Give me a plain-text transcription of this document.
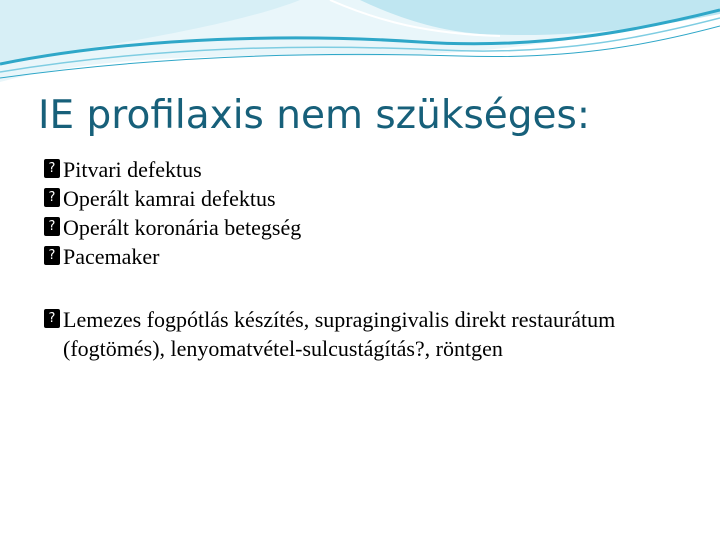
IE profilaxis nem szükséges:
? Pitvari defektus
? Operált kamrai defektus
? Operált koronária betegség
? Pacemaker
? Lemezes fogpótlás készítés, supragingivalis direkt restaurátum (fogtömés), lenyomatvétel-sulcustágítás?, röntgen
